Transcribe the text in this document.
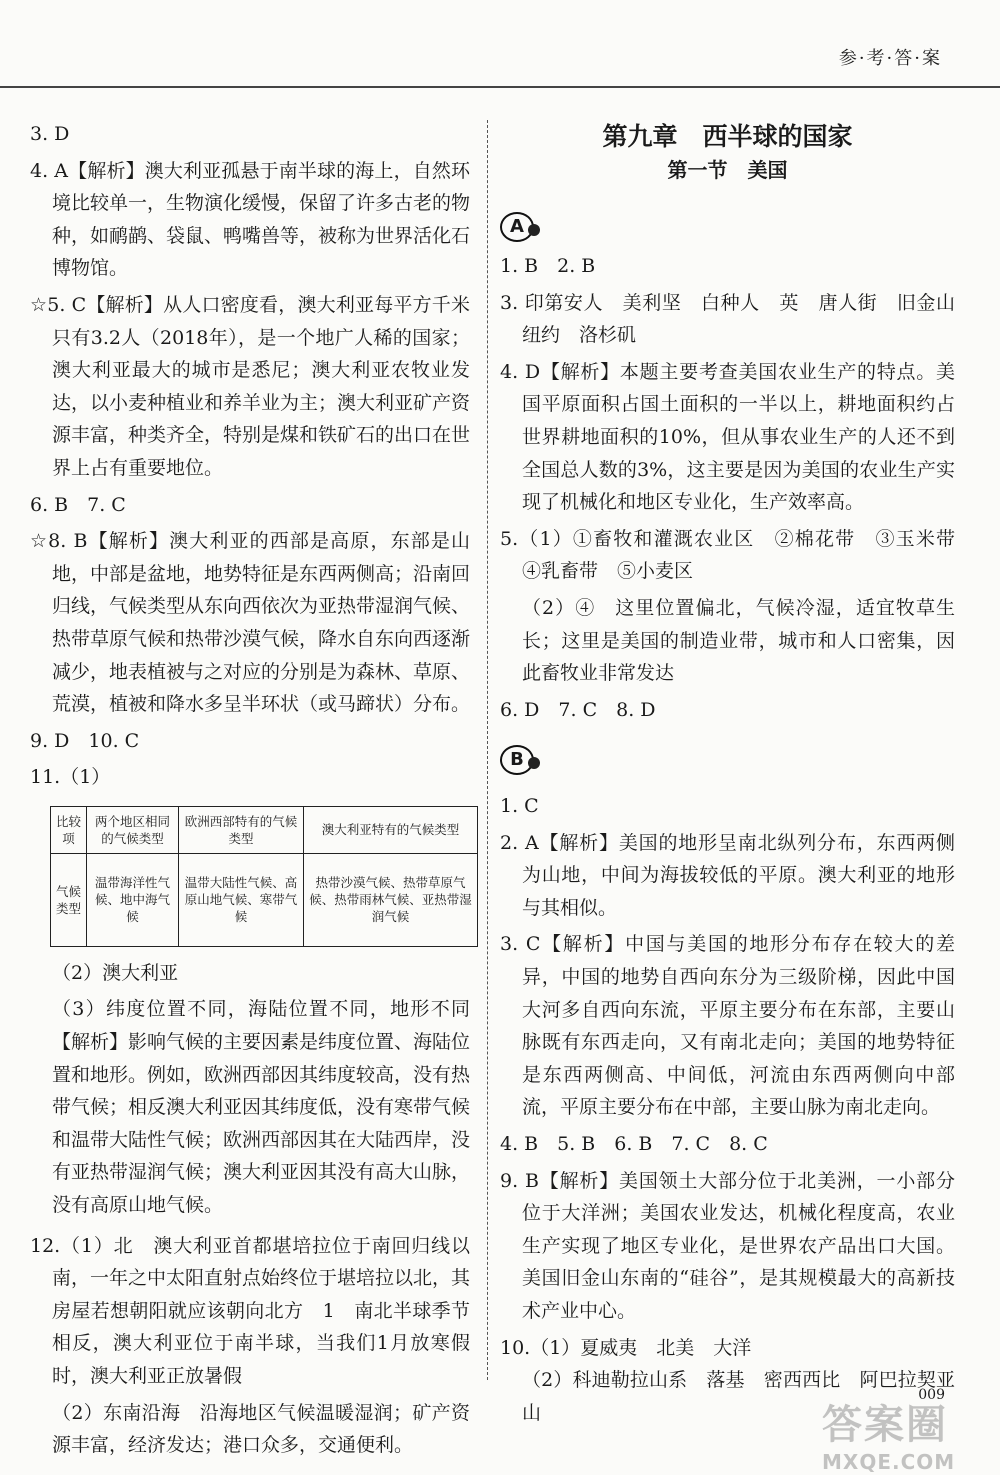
参·考·答·案

3. D

4. A【解析】澳大利亚孤悬于南半球的海上，自然环境比较单一，生物演化缓慢，保留了许多古老的物种，如鸸鹋、袋鼠、鸭嘴兽等，被称为世界活化石博物馆。

☆5. C【解析】从人口密度看，澳大利亚每平方千米只有3.2人（2018年），是一个地广人稀的国家；澳大利亚最大的城市是悉尼；澳大利亚农牧业发达，以小麦种植业和养羊业为主；澳大利亚矿产资源丰富，种类齐全，特别是煤和铁矿石的出口在世界上占有重要地位。

6. B　7. C

☆8. B【解析】澳大利亚的西部是高原，东部是山地，中部是盆地，地势特征是东西两侧高；沿南回归线，气候类型从东向西依次为亚热带湿润气候、热带草原气候和热带沙漠气候，降水自东向西逐渐减少，地表植被与之对应的分别是为森林、草原、荒漠，植被和降水多呈半环状（或马蹄状）分布。

9. D　10. C

11.（1）

比较项	两个地区相同的气候类型	欧洲西部特有的气候类型	澳大利亚特有的气候类型
气候类型	温带海洋性气候、地中海气候	温带大陆性气候、高原山地气候、寒带气候	热带沙漠气候、热带草原气候、热带雨林气候、亚热带湿润气候

（2）澳大利亚

（3）纬度位置不同，海陆位置不同，地形不同【解析】影响气候的主要因素是纬度位置、海陆位置和地形。例如，欧洲西部因其纬度较高，没有热带气候；相反澳大利亚因其纬度低，没有寒带气候和温带大陆性气候；欧洲西部因其在大陆西岸，没有亚热带湿润气候；澳大利亚因其没有高大山脉，没有高原山地气候。

12.（1）北　澳大利亚首都堪培拉位于南回归线以南，一年之中太阳直射点始终位于堪培拉以北，其房屋若想朝阳就应该朝向北方　1　南北半球季节相反，澳大利亚位于南半球，当我们1月放寒假时，澳大利亚正放暑假

（2）东南沿海　沿海地区气候温暖湿润；矿产资源丰富，经济发达；港口众多，交通便利。

第九章　西半球的国家
第一节　美国
A

1. B　2. B

3. 印第安人　美利坚　白种人　英　唐人街　旧金山　纽约　洛杉矶

4. D【解析】本题主要考查美国农业生产的特点。美国平原面积占国土面积的一半以上，耕地面积约占世界耕地面积的10%，但从事农业生产的人还不到全国总人数的3%，这主要是因为美国的农业生产实现了机械化和地区专业化，生产效率高。

5.（1）①畜牧和灌溉农业区　②棉花带　③玉米带　④乳畜带　⑤小麦区

（2）④　这里位置偏北，气候冷湿，适宜牧草生长；这里是美国的制造业带，城市和人口密集，因此畜牧业非常发达

6. D　7. C　8. D

B

1. C

2. A【解析】美国的地形呈南北纵列分布，东西两侧为山地，中间为海拔较低的平原。澳大利亚的地形与其相似。

3. C【解析】中国与美国的地形分布存在较大的差异，中国的地势自西向东分为三级阶梯，因此中国大河多自西向东流，平原主要分布在东部，主要山脉既有东西走向，又有南北走向；美国的地势特征是东西两侧高、中间低，河流由东西两侧向中部流，平原主要分布在中部，主要山脉为南北走向。

4. B　5. B　6. B　7. C　8. C

9. B【解析】美国领土大部分位于北美洲，一小部分位于大洋洲；美国农业发达，机械化程度高，农业生产实现了地区专业化，是世界农产品出口大国。美国旧金山东南的“硅谷”，是其规模最大的高新技术产业中心。

10.（1）夏威夷　北美　大洋

（2）科迪勒拉山系　落基　密西西比　阿巴拉契亚山

009
答案圈
MXQE.COM
